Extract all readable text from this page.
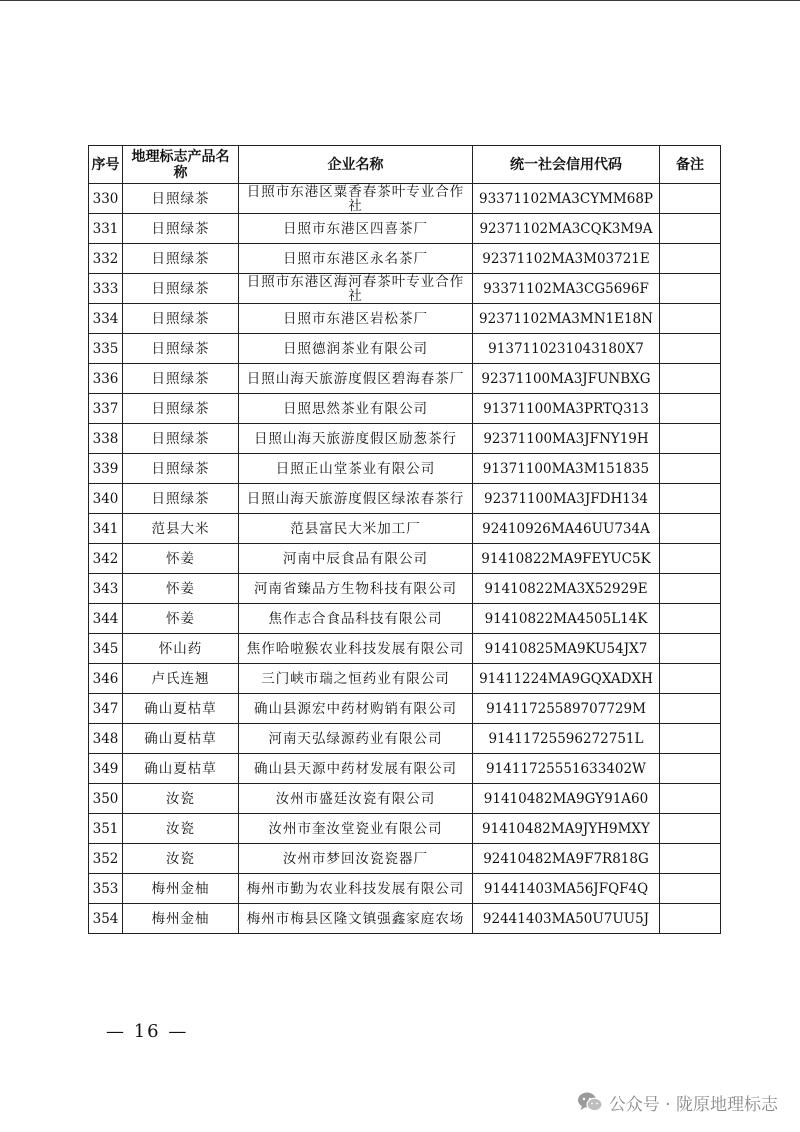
序号	地理标志产品名称	企业名称	统一社会信用代码	备注
330	日照绿茶	日照市东港区粟香春茶叶专业合作社	93371102MA3CYMM68P	
331	日照绿茶	日照市东港区四喜茶厂	92371102MA3CQK3M9A	
332	日照绿茶	日照市东港区永名茶厂	92371102MA3M03721E	
333	日照绿茶	日照市东港区海河春茶叶专业合作社	93371102MA3CG5696F	
334	日照绿茶	日照市东港区岩松茶厂	92371102MA3MN1E18N	
335	日照绿茶	日照德润茶业有限公司	9137110231043180X7	
336	日照绿茶	日照山海天旅游度假区碧海春茶厂	92371100MA3JFUNBXG	
337	日照绿茶	日照思然茶业有限公司	91371100MA3PRTQ313	
338	日照绿茶	日照山海天旅游度假区励葱茶行	92371100MA3JFNY19H	
339	日照绿茶	日照正山堂茶业有限公司	91371100MA3M151835	
340	日照绿茶	日照山海天旅游度假区绿浓春茶行	92371100MA3JFDH134	
341	范县大米	范县富民大米加工厂	92410926MA46UU734A	
342	怀姜	河南中辰食品有限公司	91410822MA9FEYUC5K	
343	怀姜	河南省臻品方生物科技有限公司	91410822MA3X52929E	
344	怀姜	焦作志合食品科技有限公司	91410822MA4505L14K	
345	怀山药	焦作哈啦猴农业科技发展有限公司	91410825MA9KU54JX7	
346	卢氏连翘	三门峡市瑞之恒药业有限公司	91411224MA9GQXADXH	
347	确山夏枯草	确山县源宏中药材购销有限公司	91411725589707729M	
348	确山夏枯草	河南天弘绿源药业有限公司	91411725596272751L	
349	确山夏枯草	确山县天源中药材发展有限公司	91411725551633402W	
350	汝瓷	汝州市盛廷汝瓷有限公司	91410482MA9GY91A60	
351	汝瓷	汝州市奎汝堂瓷业有限公司	91410482MA9JYH9MXY	
352	汝瓷	汝州市梦回汝瓷瓷器厂	92410482MA9F7R818G	
353	梅州金柚	梅州市勤为农业科技发展有限公司	91441403MA56JFQF4Q	
354	梅州金柚	梅州市梅县区隆文镇强鑫家庭农场	92441403MA50U7UU5J	
— 16 —
公众号 · 陇原地理标志
